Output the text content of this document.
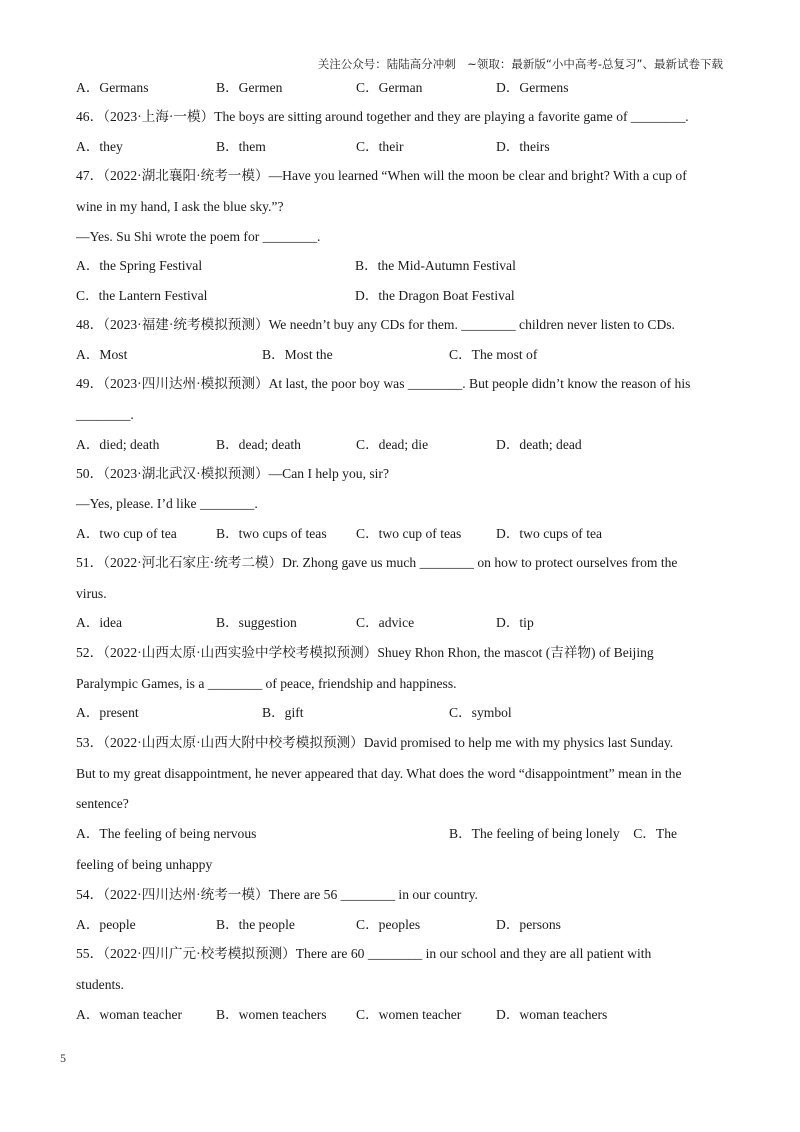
关注公众号：陆陆高分冲刺　~领取：最新版“小中高考-总复习”、最新试卷下载
A．Germans	B．Germen	C．German	D．Germens
46．（2023·上海·一模）The boys are sitting around together and they are playing a favorite game of ________.
A．they	B．them	C．their	D．theirs
47．（2022·湖北襄阳·统考一模）—Have you learned “When will the moon be clear and bright? With a cup of
wine in my hand, I ask the blue sky.”?
—Yes. Su Shi wrote the poem for ________.
A．the Spring Festival	B．the Mid-Autumn Festival
C．the Lantern Festival	D．the Dragon Boat Festival
48．（2023·福建·统考模拟预测）We needn’t buy any CDs for them. ________ children never listen to CDs.
A．Most	B．Most the	C．The most of
49．（2023·四川达州·模拟预测）At last, the poor boy was ________. But people didn’t know the reason of his
________.
A．died; death	B．dead; death	C．dead; die	D．death; dead
50．（2023·湖北武汉·模拟预测）—Can I help you, sir?
—Yes, please. I’d like ________.
A．two cup of tea	B．two cups of teas C．two cup of teas	D．two cups of tea
51．（2022·河北石家庄·统考二模）Dr. Zhong gave us much ________ on how to protect ourselves from the
virus.
A．idea	B．suggestion	C．advice	D．tip
52．（2022·山西太原·山西实验中学校考模拟预测）Shuey Rhon Rhon, the mascot (吉祥物) of Beijing
Paralympic Games, is a ________ of peace, friendship and happiness.
A．present	B．gift	C．symbol
53．（2022·山西太原·山西大附中校考模拟预测）David promised to help me with my physics last Sunday.
But to my great disappointment, he never appeared that day. What does the word “disappointment” mean in the
sentence?
A．The feeling of being nervous	B．The feeling of being lonely　C．The
feeling of being unhappy
54．（2022·四川达州·统考一模）There are 56 ________ in our country.
A．people	B．the people	C．peoples	D．persons
55．（2022·四川广元·校考模拟预测）There are 60 ________ in our school and they are all patient with
students.
A．woman teacher B．women teachers C．women teacher	D．woman teachers
5
